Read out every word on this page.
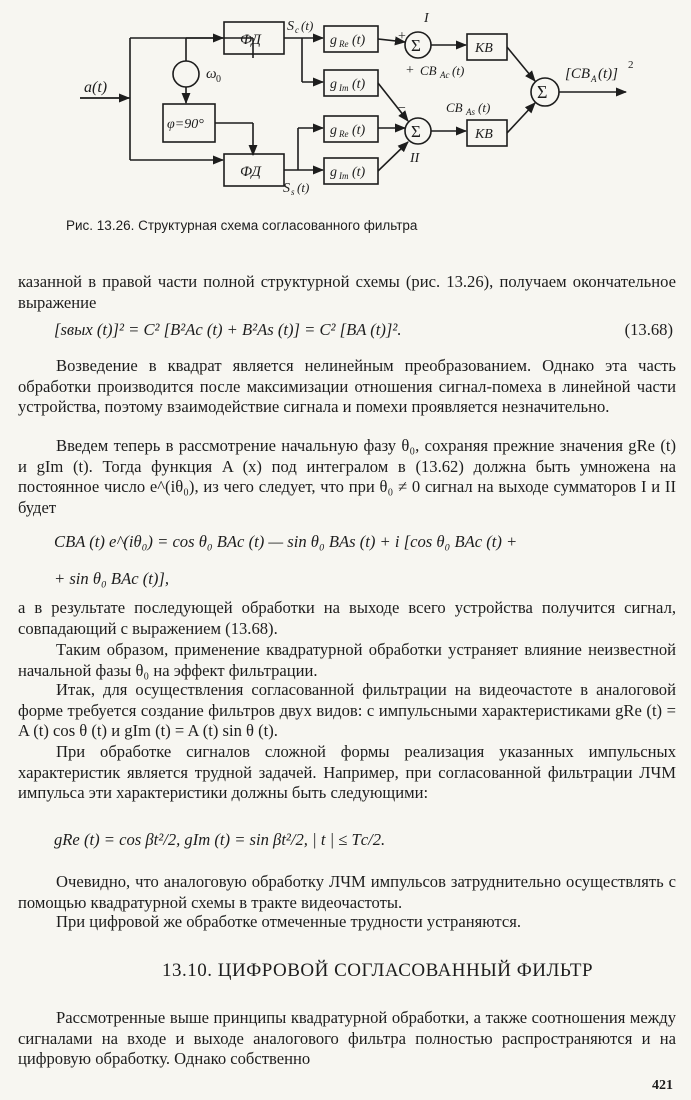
a(t)
ФД
ФД
ω 0
φ=90°
S c (t)
S s (t)
g Re (t)
g Im (t)
g Re (t)
g Im (t)
Σ
Σ
Σ
I
II
+
+
−
+
CB Ac (t)
CB As (t)
КВ
КВ
[CB A (t)]
2
Рис. 13.26. Структурная схема согласованного фильтра

казанной в правой части полной структурной схемы (рис. 13.26), получаем окончательное выражение

[sвых (t)]² = C² [B²Ac (t) + B²As (t)] = C² [BA (t)]².	(13.68)

Возведение в квадрат является нелинейным преобразованием. Однако эта часть обработки производится после максимизации отношения сигнал-помеха в линейной части устройства, поэтому взаимодействие сигнала и помехи проявляется незначительно.

Введем теперь в рассмотрение начальную фазу θ₀, сохраняя прежние значения gRe (t) и gIm (t). Тогда функция A (x) под интегралом в (13.62) должна быть умножена на постоянное число e^(iθ₀), из чего следует, что при θ₀ ≠ 0 сигнал на выходе сумматоров I и II будет

CBA (t) e^(iθ₀) = cos θ₀ BAc (t) — sin θ₀ BAs (t) + i [cos θ₀ BAc (t) +
+ sin θ₀ BAc (t)],

а в результате последующей обработки на выходе всего устройства получится сигнал, совпадающий с выражением (13.68).

Таким образом, применение квадратурной обработки устраняет влияние неизвестной начальной фазы θ₀ на эффект фильтрации.

Итак, для осуществления согласованной фильтрации на видеочастоте в аналоговой форме требуется создание фильтров двух видов: с импульсными характеристиками gRe (t) = A (t) cos θ (t) и gIm (t) = A (t) sin θ (t).

При обработке сигналов сложной формы реализация указанных импульсных характеристик является трудной задачей. Например, при согласованной фильтрации ЛЧМ импульса эти характеристики должны быть следующими:

gRe (t) = cos βt²/2, gIm (t) = sin βt²/2, | t | ≤ Tс/2.

Очевидно, что аналоговую обработку ЛЧМ импульсов затруднительно осуществлять с помощью квадратурной схемы в тракте видеочастоты.

При цифровой же обработке отмеченные трудности устраняются.

13.10. ЦИФРОВОЙ СОГЛАСОВАННЫЙ ФИЛЬТР

Рассмотренные выше принципы квадратурной обработки, а также соотношения между сигналами на входе и выходе аналогового фильтра полностью распространяются и на цифровую обработку. Однако собственно

421
